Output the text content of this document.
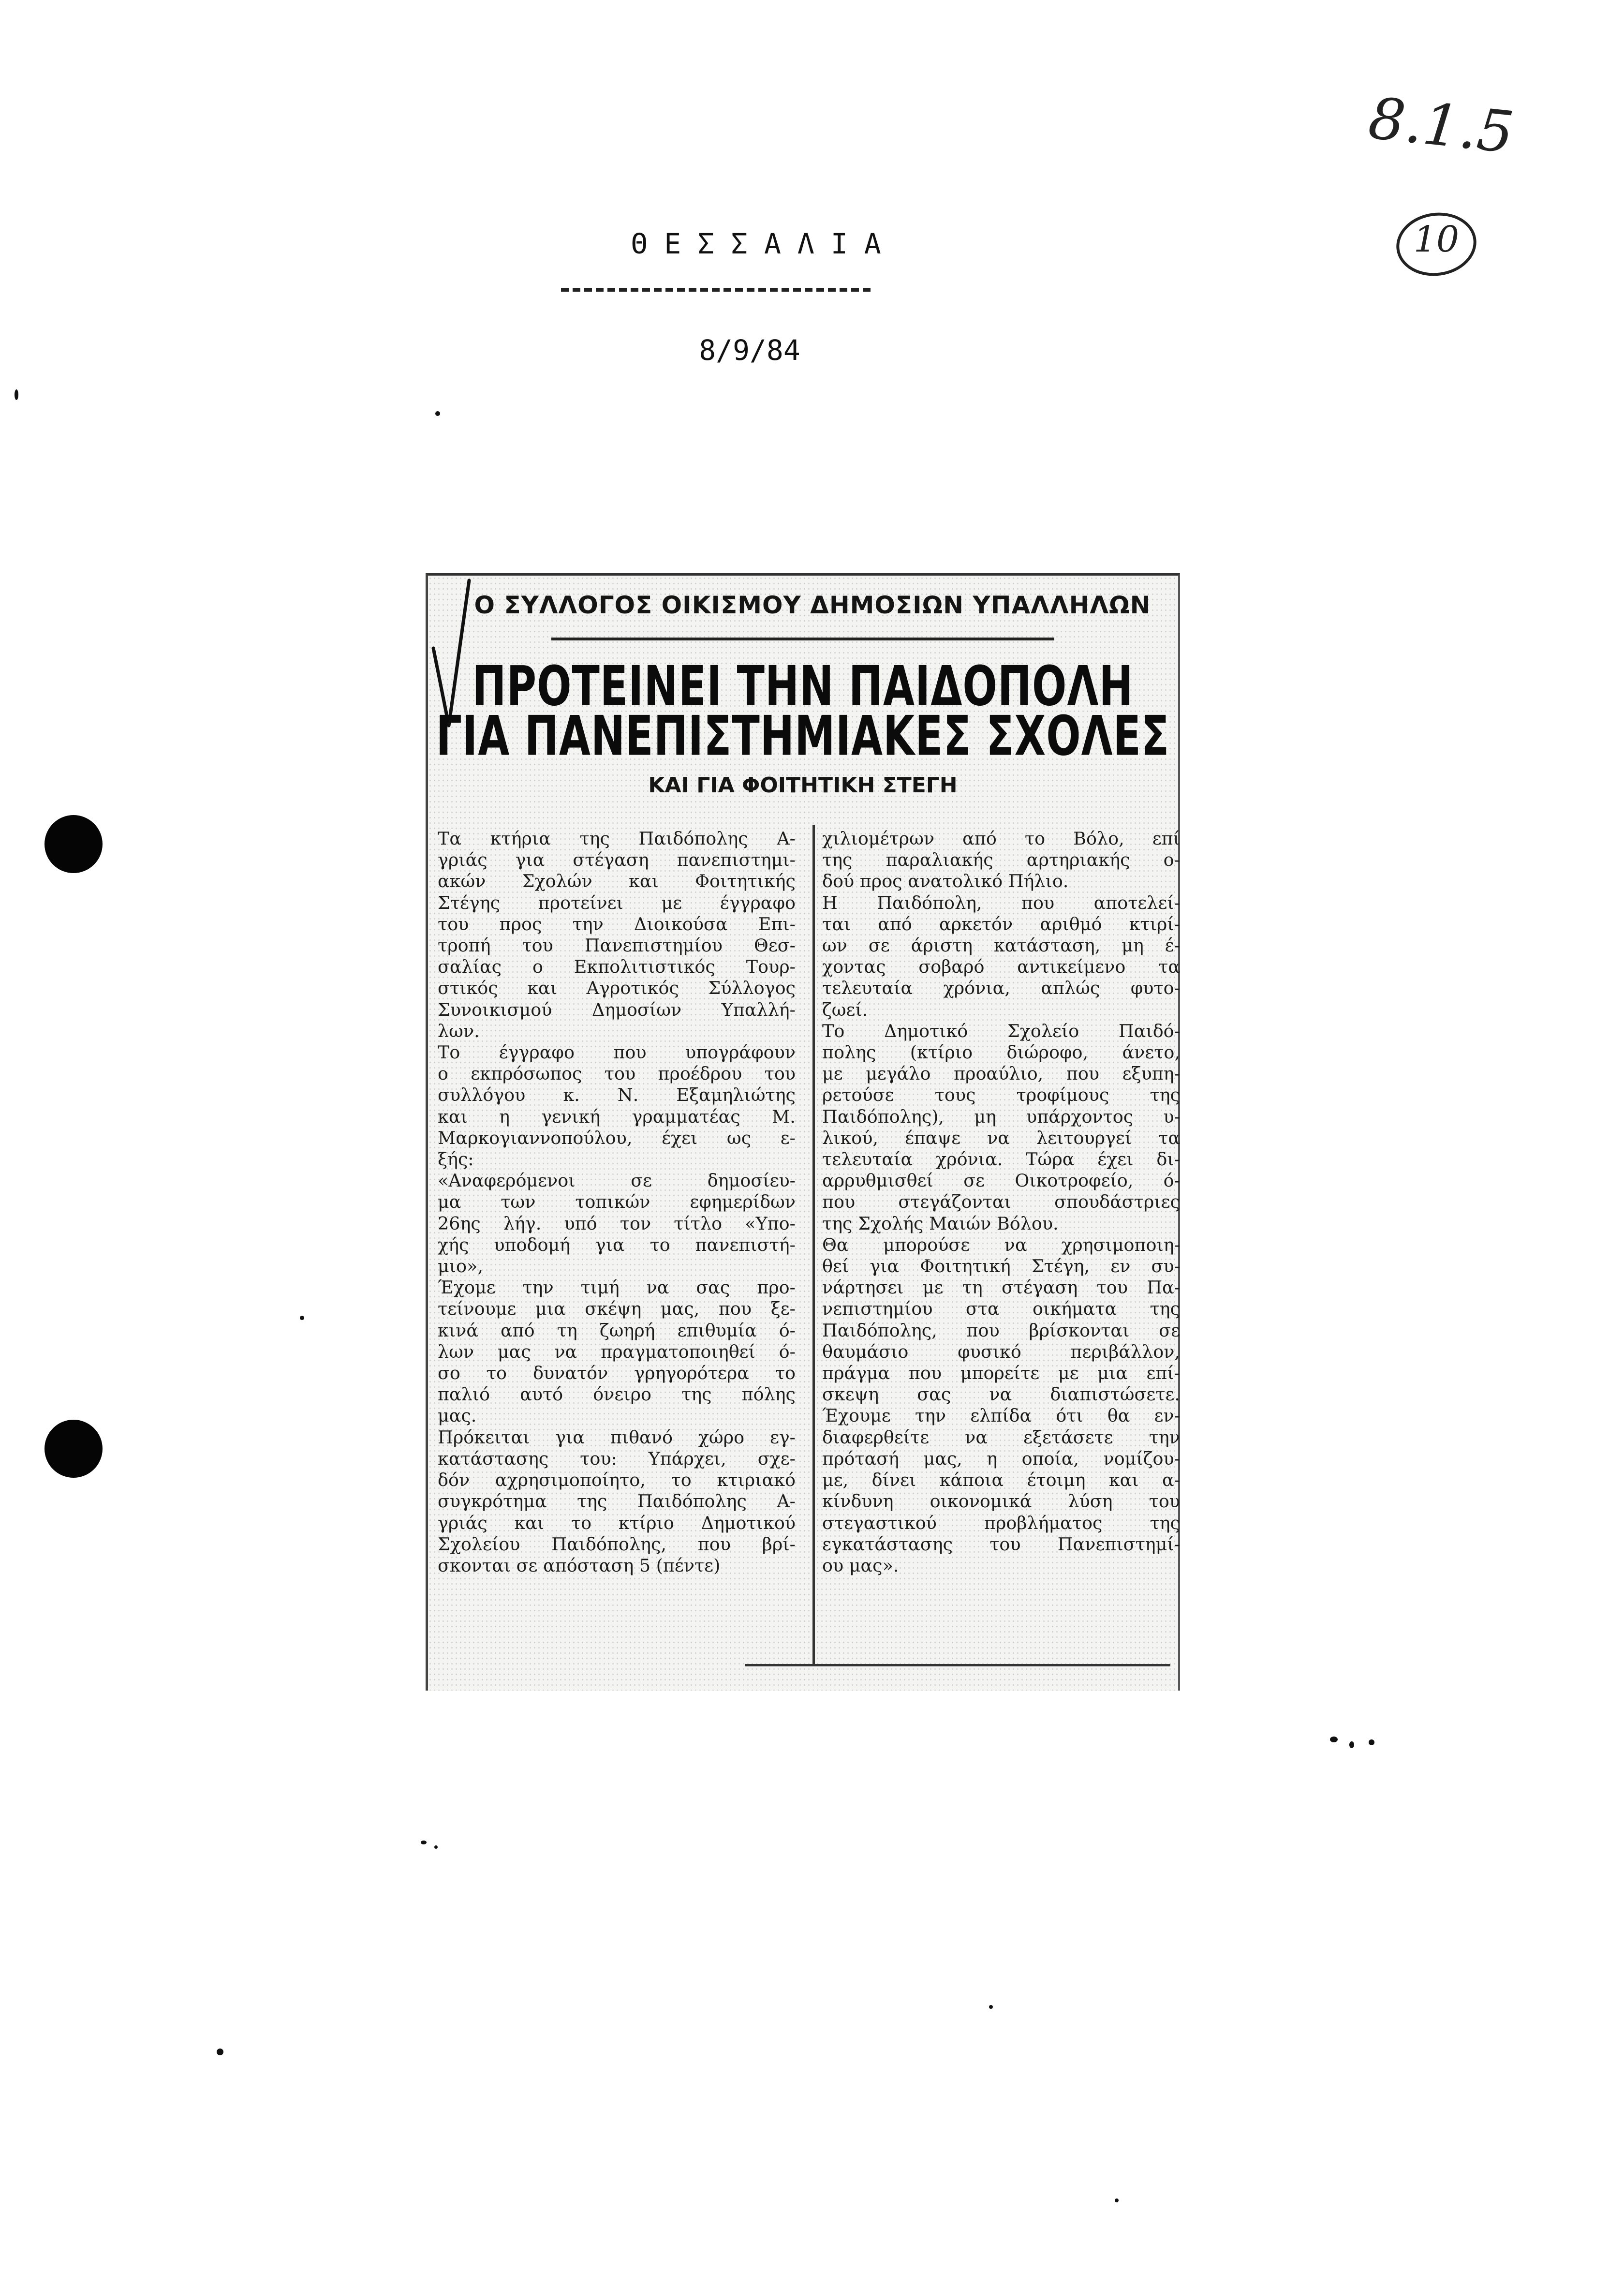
ΘΕΣΣΑΛΙΑ
8/9/84
8.1.5
10
Ο ΣΥΛΛΟΓΟΣ ΟΙΚΙΣΜΟΥ ΔΗΜΟΣΙΩΝ ΥΠΑΛΛΗΛΩΝ
ΠΡΟΤΕΙΝΕΙ ΤΗΝ ΠΑΙΔΟΠΟΛΗ
ΓΙΑ ΠΑΝΕΠΙΣΤΗΜΙΑΚΕΣ ΣΧΟΛΕΣ
ΚΑΙ ΓΙΑ ΦΟΙΤΗΤΙΚΗ ΣΤΕΓΗ
Τα κτήρια της Παιδόπολης Α-
γριάς για στέγαση πανεπιστημι-
ακών Σχολών και Φοιτητικής
Στέγης προτείνει με έγγραφο
του προς την Διοικούσα Επι-
τροπή του Πανεπιστημίου Θεσ-
σαλίας ο Εκπολιτιστικός Τουρ-
στικός και Αγροτικός Σύλλογος
Συνοικισμού Δημοσίων Υπαλλή-
λων.
Το έγγραφο που υπογράφουν
ο εκπρόσωπος του προέδρου του
συλλόγου κ. Ν. Εξαμηλιώτης
και η γενική γραμματέας Μ.
Μαρκογιαννοπούλου, έχει ως ε-
ξής:
«Αναφερόμενοι σε δημοσίευ-
μα των τοπικών εφημερίδων
26ης λήγ. υπό τον τίτλο «Υπο-
χής υποδομή για το πανεπιστή-
μιο»,
Έχομε την τιμή να σας προ-
τείνουμε μια σκέψη μας, που ξε-
κινά από τη ζωηρή επιθυμία ό-
λων μας να πραγματοποιηθεί ό-
σο το δυνατόν γρηγορότερα το
παλιό αυτό όνειρο της πόλης
μας.
Πρόκειται για πιθανό χώρο εγ-
κατάστασης του: Υπάρχει, σχε-
δόν αχρησιμοποίητο, το κτιριακό
συγκρότημα της Παιδόπολης Α-
γριάς και το κτίριο Δημοτικού
Σχολείου Παιδόπολης, που βρί-
σκονται σε απόσταση 5 (πέντε)
χιλιομέτρων από το Βόλο, επί
της παραλιακής αρτηριακής ο-
δού προς ανατολικό Πήλιο.
Η Παιδόπολη, που αποτελεί-
ται από αρκετόν αριθμό κτιρί-
ων σε άριστη κατάσταση, μη έ-
χοντας σοβαρό αντικείμενο τα
τελευταία χρόνια, απλώς φυτο-
ζωεί.
Το Δημοτικό Σχολείο Παιδό-
πολης (κτίριο διώροφο, άνετο,
με μεγάλο προαύλιο, που εξυπη-
ρετούσε τους τροφίμους της
Παιδόπολης), μη υπάρχοντος υ-
λικού, έπαψε να λειτουργεί τα
τελευταία χρόνια. Τώρα έχει δι-
αρρυθμισθεί σε Οικοτροφείο, ό-
που στεγάζονται σπουδάστριες
της Σχολής Μαιών Βόλου.
Θα μπορούσε να χρησιμοποιη-
θεί για Φοιτητική Στέγη, εν συ-
νάρτησει με τη στέγαση του Πα-
νεπιστημίου στα οικήματα της
Παιδόπολης, που βρίσκονται σε
θαυμάσιο φυσικό περιβάλλον,
πράγμα που μπορείτε με μια επί-
σκεψη σας να διαπιστώσετε.
Έχουμε την ελπίδα ότι θα εν-
διαφερθείτε να εξετάσετε την
πρότασή μας, η οποία, νομίζου-
με, δίνει κάποια έτοιμη και α-
κίνδυνη οικονομικά λύση του
στεγαστικού προβλήματος της
εγκατάστασης του Πανεπιστημί-
ου μας».
